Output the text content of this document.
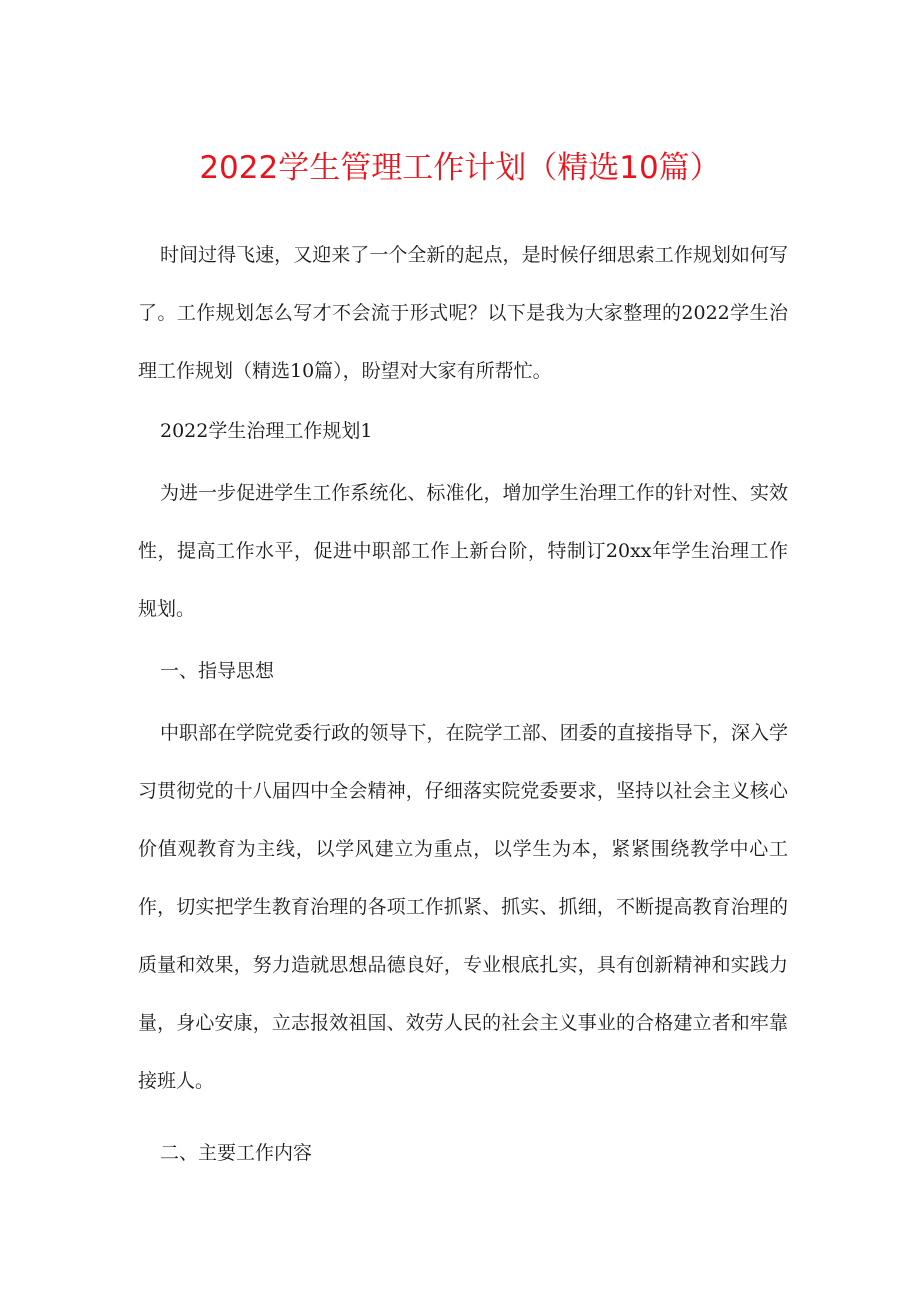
2022学生管理工作计划（精选10篇）

时间过得飞速，又迎来了一个全新的起点，是时候仔细思索工作规划如何写了。工作规划怎么写才不会流于形式呢？以下是我为大家整理的2022学生治理工作规划（精选10篇），盼望对大家有所帮忙。

2022学生治理工作规划1

为进一步促进学生工作系统化、标准化，增加学生治理工作的针对性、实效性，提高工作水平，促进中职部工作上新台阶，特制订20xx年学生治理工作规划。

一、指导思想

中职部在学院党委行政的领导下，在院学工部、团委的直接指导下，深入学习贯彻党的十八届四中全会精神，仔细落实院党委要求，坚持以社会主义核心价值观教育为主线，以学风建立为重点，以学生为本，紧紧围绕教学中心工作，切实把学生教育治理的各项工作抓紧、抓实、抓细，不断提高教育治理的质量和效果，努力造就思想品德良好，专业根底扎实，具有创新精神和实践力量，身心安康，立志报效祖国、效劳人民的社会主义事业的合格建立者和牢靠接班人。

二、主要工作内容
